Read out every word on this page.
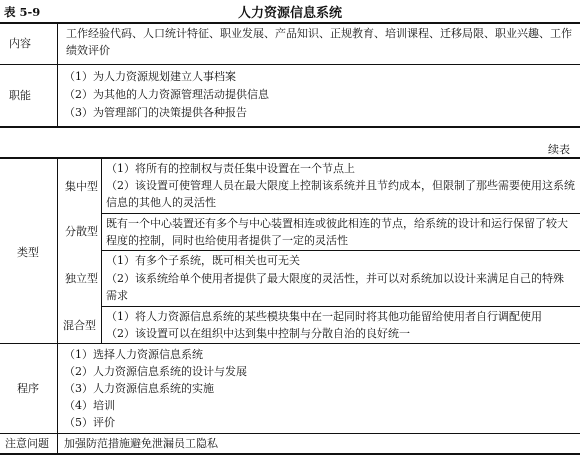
人力资源信息系统
表 5-9
内容
工作经验代码、人口统计特征、职业发展、产品知识、正规教育、培训课程、迁移局限、职业兴趣、工作
绩效评价
职能
（1）为人力资源规划建立人事档案
（2）为其他的人力资源管理活动提供信息
（3）为管理部门的决策提供各种报告
续表
类型
集中型
（1）将所有的控制权与责任集中设置在一个节点上
（2）该设置可使管理人员在最大限度上控制该系统并且节约成本，但限制了那些需要使用这系统
信息的其他人的灵活性
分散型
既有一个中心装置还有多个与中心装置相连或彼此相连的节点，给系统的设计和运行保留了较大
程度的控制，同时也给使用者提供了一定的灵活性
独立型
（1）有多个子系统，既可相关也可无关
（2）该系统给单个使用者提供了最大限度的灵活性，并可以对系统加以设计来满足自己的特殊
需求
混合型
（1）将人力资源信息系统的某些模块集中在一起同时将其他功能留给使用者自行调配使用
（2）该设置可以在组织中达到集中控制与分散自治的良好统一
程序
（1）选择人力资源信息系统
（2）人力资源信息系统的设计与发展
（3）人力资源信息系统的实施
（4）培训
（5）评价
注意问题 加强防范措施避免泄漏员工隐私
